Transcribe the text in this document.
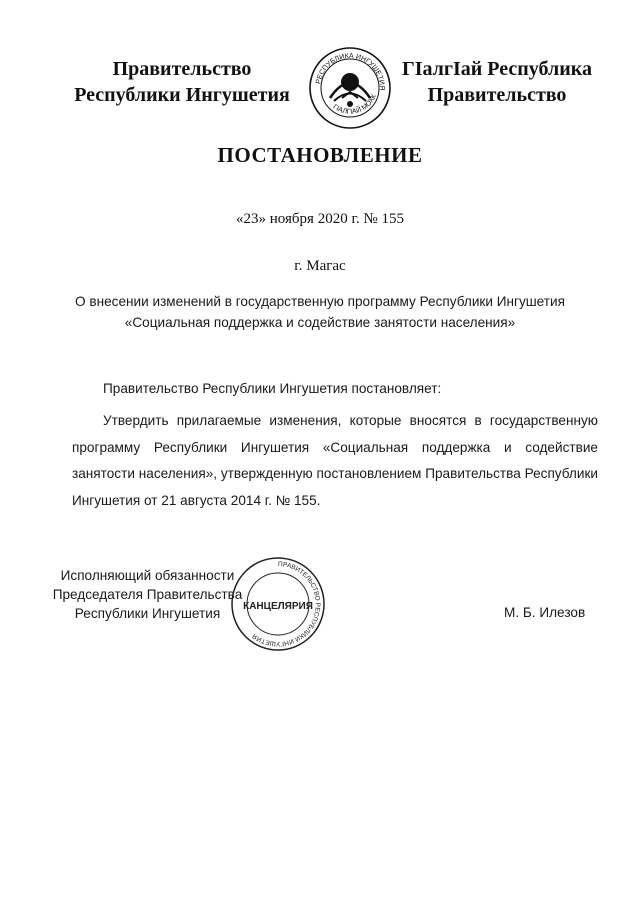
Правительство
Республики Ингушетия
РЕСПУБЛИКА ИНГУШЕТИЯ
ГIАЛГIАЙ МОХК
ГIалгIай Республика
Правительство
ПОСТАНОВЛЕНИЕ
«23» ноября 2020 г. № 155
г. Магас
О внесении изменений в государственную программу Республики Ингушетия
«Социальная поддержка и содействие занятости населения»
Правительство Республики Ингушетия постановляет:
Утвердить прилагаемые изменения, которые вносятся в государственную программу Республики Ингушетия «Социальная поддержка и содействие занятости населения», утвержденную постановлением Правительства Республики Ингушетия от 21 августа 2014 г. № 155.
Исполняющий обязанности
Председателя Правительства
Республики Ингушетия
ПРАВИТЕЛЬСТВО РЕСПУБЛИКИ ИНГУШЕТИЯ
КАНЦЕЛЯРИЯ	М. Б. Илезов
